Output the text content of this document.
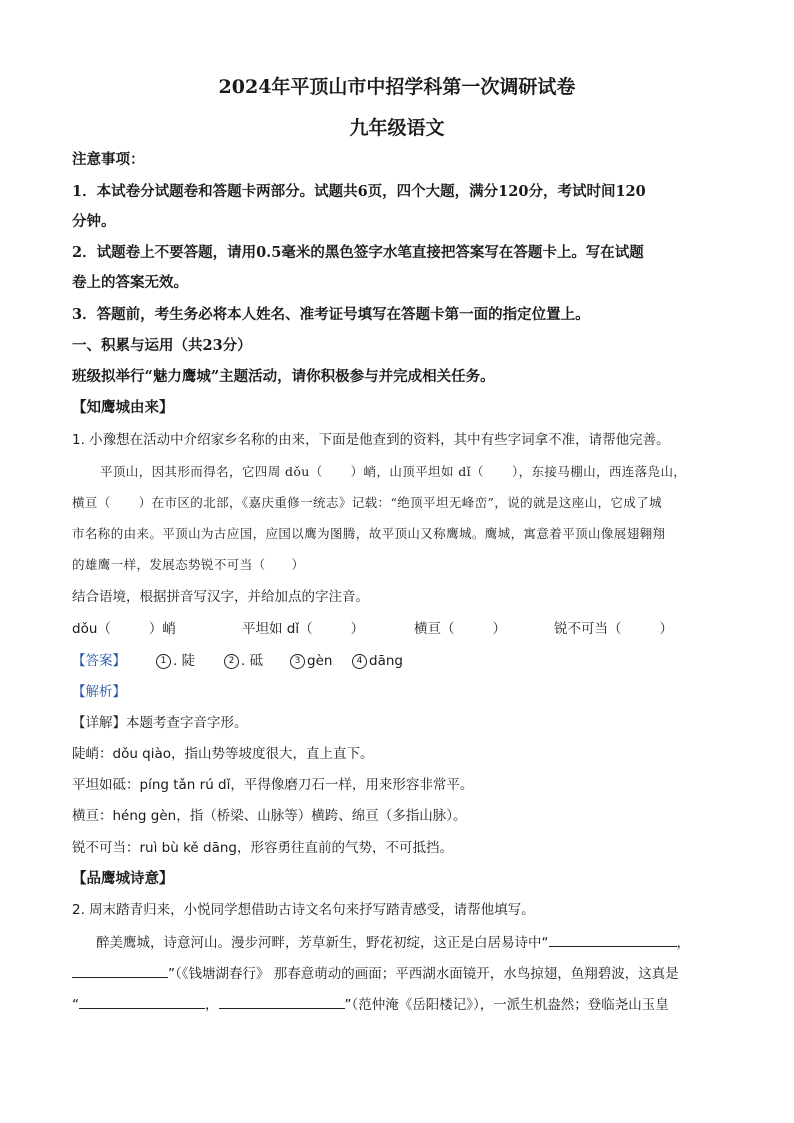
2024年平顶山市中招学科第一次调研试卷
九年级语文
注意事项：
1．本试卷分试题卷和答题卡两部分。试题共6页，四个大题，满分120分，考试时间120
分钟。
2．试题卷上不要答题，请用0.5毫米的黑色签字水笔直接把答案写在答题卡上。写在试题
卷上的答案无效。
3．答题前，考生务必将本人姓名、准考证号填写在答题卡第一面的指定位置上。
一、积累与运用（共23分）
班级拟举行“魅力鹰城”主题活动，请你积极参与并完成相关任务。
【知鹰城由来】
1. 小豫想在活动中介绍家乡名称的由来，下面是他查到的资料，其中有些字词拿不准，请帮他完善。
平顶山，因其形而得名，它四周 dǒu（ ）峭，山顶平坦如 dǐ（ ），东接马棚山，西连落凫山，
横亘（ ）在市区的北部，《嘉庆重修一统志》记载：“绝顶平坦无峰峦”，说的就是这座山，它成了城
市名称的由来。平顶山为古应国，应国以鹰为图腾，故平顶山又称鹰城。鹰城，寓意着平顶山像展翅翱翔
的雄鹰一样，发展态势锐不可当（ ）
结合语境，根据拼音写汉字，并给加点的字注音。
dǒu（	）峭	平坦如 dǐ（	）	横亘（	）	锐不可当（	）
【答案】	1 . 陡	2 . 砥	3 gèn	4 dāng
【解析】
【详解】本题考查字音字形。
陡峭：dǒu qiào，指山势等坡度很大，直上直下。
平坦如砥：píng tǎn rú dǐ，平得像磨刀石一样，用来形容非常平。
横亘：héng gèn，指（桥梁、山脉等）横跨、绵亘（多指山脉）。
锐不可当：ruì bù kě dāng，形容勇往直前的气势，不可抵挡。
【品鹰城诗意】
2. 周末踏青归来，小悦同学想借助古诗文名句来抒写踏青感受，请帮他填写。
醉美鹰城，诗意河山。漫步河畔，芳草新生，野花初绽，这正是白居易诗中“	，
”（《钱塘湖春行》 那春意萌动的画面；平西湖水面镜开，水鸟掠翅，鱼翔碧波，这真是
“	，	”（范仲淹《岳阳楼记》），一派生机盎然；登临尧山玉皇
